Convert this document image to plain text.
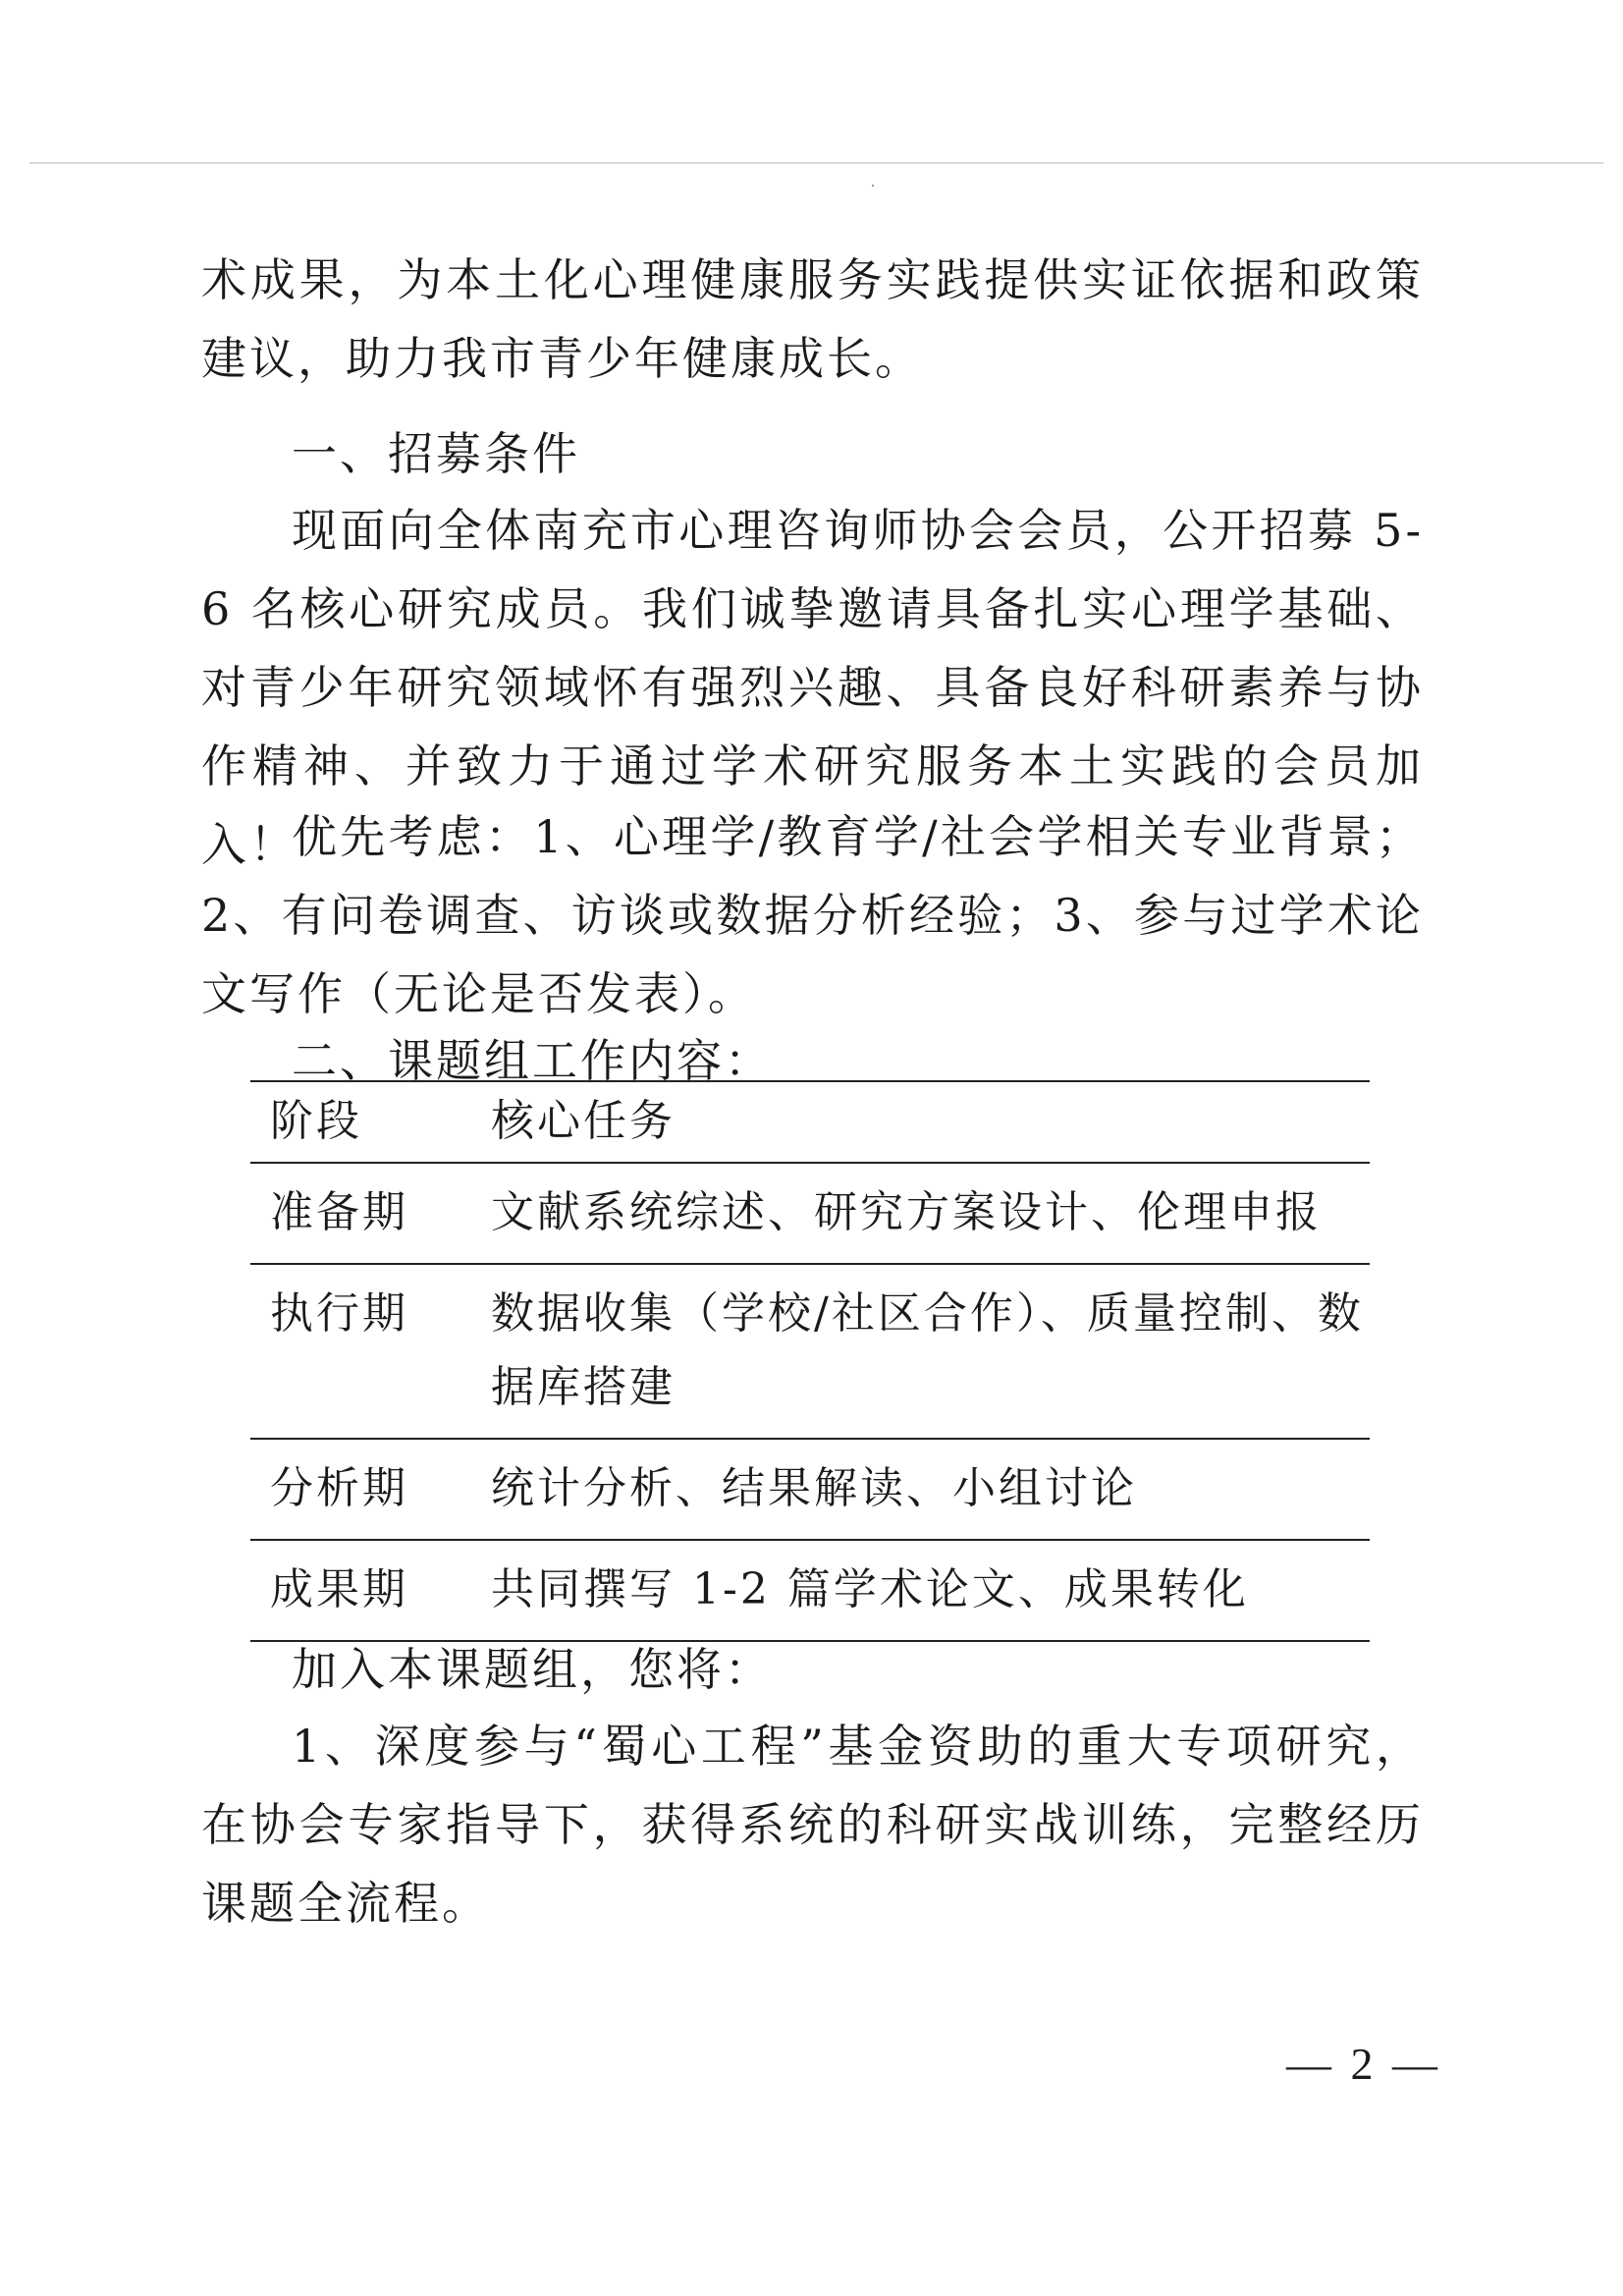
术成果，为本土化心理健康服务实践提供实证依据和政策建议，助力我市青少年健康成长。

一、招募条件

现面向全体南充市心理咨询师协会会员，公开招募 5-6 名核心研究成员。我们诚挚邀请具备扎实心理学基础、对青少年研究领域怀有强烈兴趣、具备良好科研素养与协作精神、并致力于通过学术研究服务本土实践的会员加入！

优先考虑：1、心理学/教育学/社会学相关专业背景；2、有问卷调查、访谈或数据分析经验；3、参与过学术论文写作（无论是否发表）。

二、课题组工作内容：

阶段	核心任务
准备期	文献系统综述、研究方案设计、伦理申报
执行期	数据收集（学校/社区合作）、质量控制、数据库搭建
分析期	统计分析、结果解读、小组讨论
成果期	共同撰写 1-2 篇学术论文、成果转化

加入本课题组，您将：

1、深度参与“蜀心工程”基金资助的重大专项研究，在协会专家指导下，获得系统的科研实战训练，完整经历课题全流程。

— 2 —
